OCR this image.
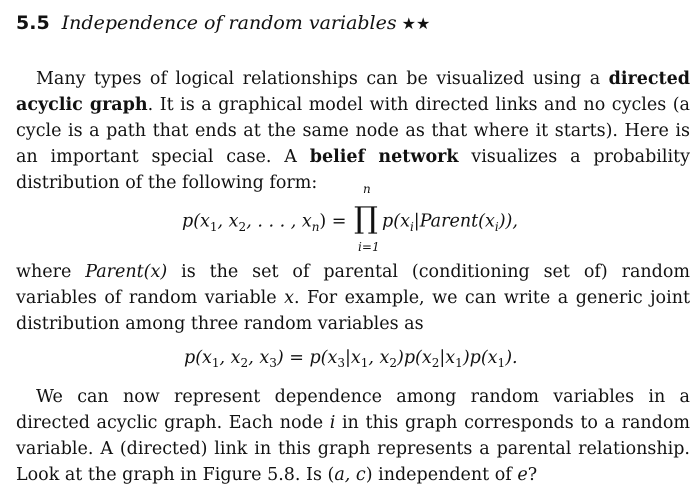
5.5 Independence of random variables ★★

Many types of logical relationships can be visualized using a directed acyclic graph. It is a graphical model with directed links and no cycles (a cycle is a path that ends at the same node as that where it starts). Here is an important special case. A belief network visualizes a probability distribution of the following form:

$p(x_1$, $x_2$, . . . , $x_n$) =
n
∏
i=1
$p(x_i|Parent(x_i))$,

where Parent(x) is the set of parental (conditioning set of) random variables of random variable x. For example, we can write a generic joint distribution among three random variables as

$p(x_1$, $x_2$, $x_3) = p(x_3|x_1$, $x_2)p(x_2|x_1)p(x_1)$.

We can now represent dependence among random variables in a directed acyclic graph. Each node i in this graph corresponds to a random variable. A (directed) link in this graph represents a parental relationship. Look at the graph in Figure 5.8. Is (a, c) independent of e?
